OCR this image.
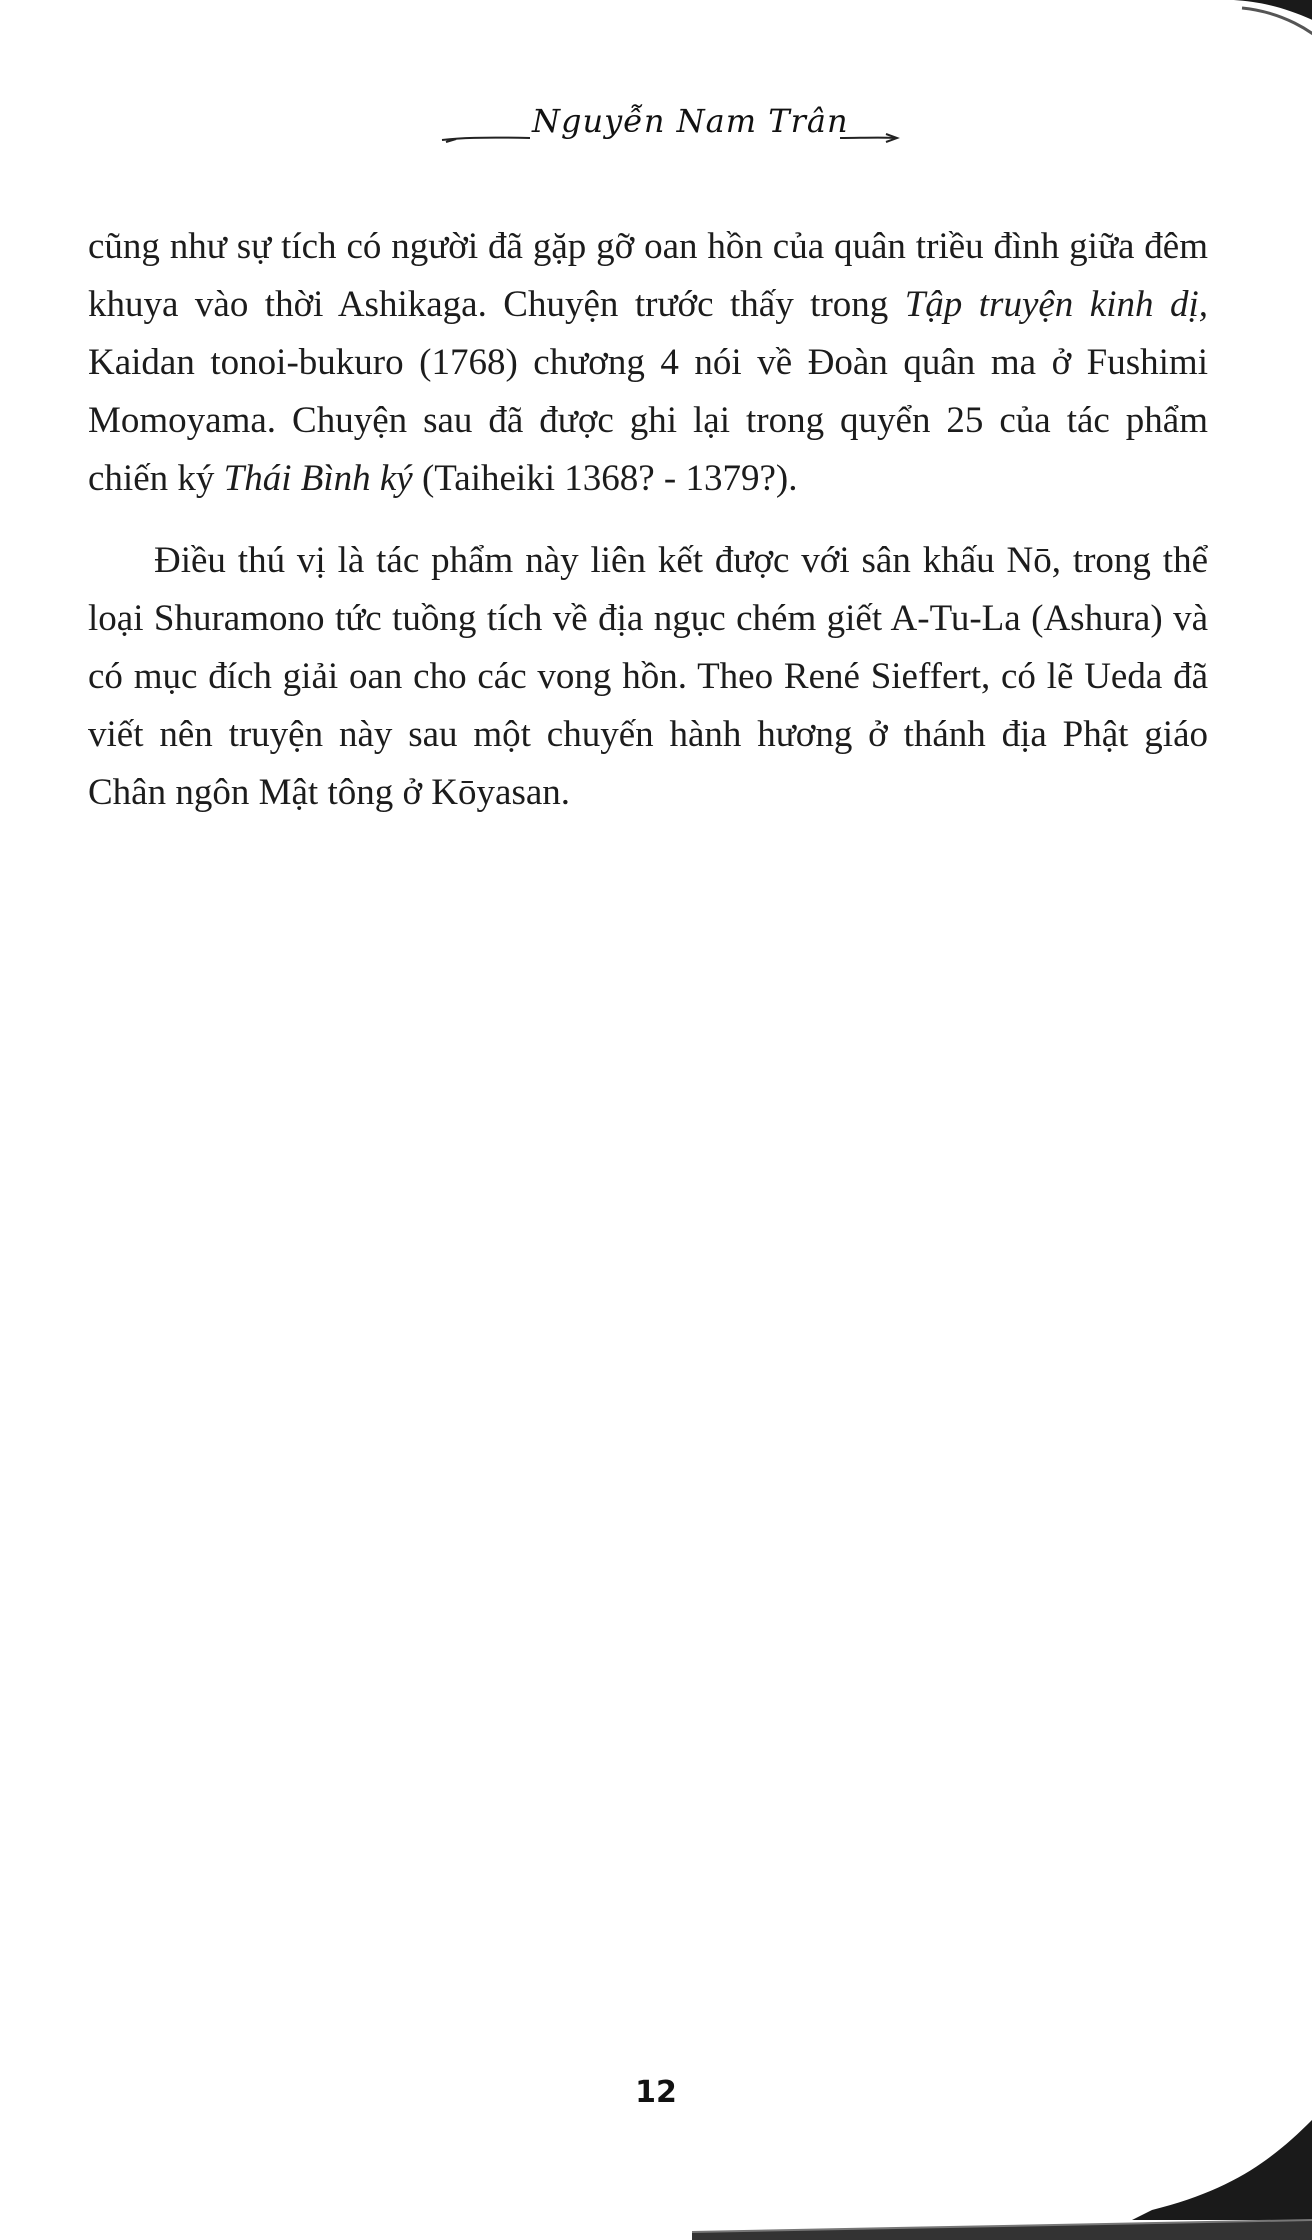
Nguyễn Nam Trân

cũng như sự tích có người đã gặp gỡ oan hồn của quân triều đình giữa đêm khuya vào thời Ashikaga. Chuyện trước thấy trong Tập truyện kinh dị, Kaidan tonoi-bukuro (1768) chương 4 nói về Đoàn quân ma ở Fushimi Momoyama. Chuyện sau đã được ghi lại trong quyển 25 của tác phẩm chiến ký Thái Bình ký (Taiheiki 1368? - 1379?).

Điều thú vị là tác phẩm này liên kết được với sân khấu Nō, trong thể loại Shuramono tức tuồng tích về địa ngục chém giết A-Tu-La (Ashura) và có mục đích giải oan cho các vong hồn. Theo René Sieffert, có lẽ Ueda đã viết nên truyện này sau một chuyến hành hương ở thánh địa Phật giáo Chân ngôn Mật tông ở Kōyasan.

12
